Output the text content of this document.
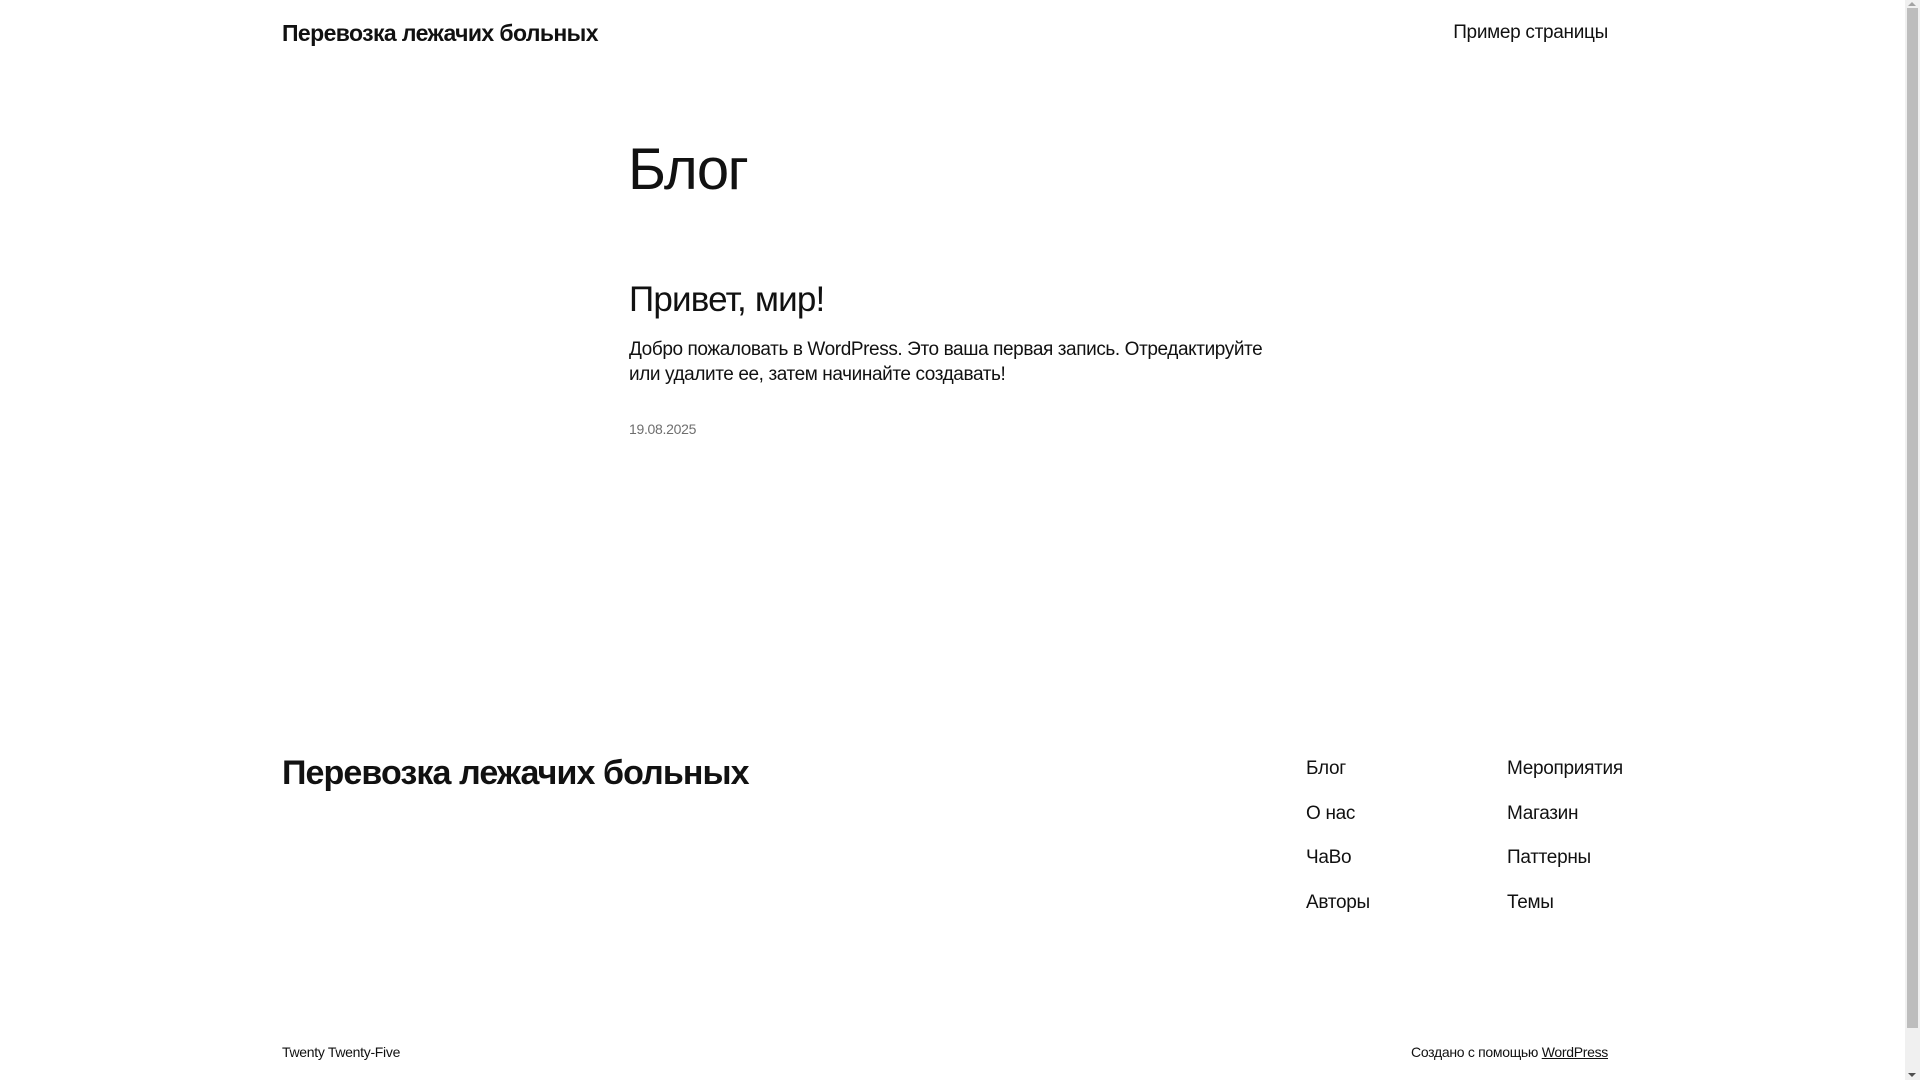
Перевозка лежачих больных	Пример страницы
Блог
Привет, мир!

Добро пожаловать в WordPress. Это ваша первая запись. Отредактируйте или удалите ее, затем начинайте создавать!

19.08.2025
Перевозка лежачих больных	Блог
О нас
ЧаВо
Авторы
Мероприятия
Магазин
Паттерны
Темы
Twenty Twenty-Five	Создано с помощью WordPress
